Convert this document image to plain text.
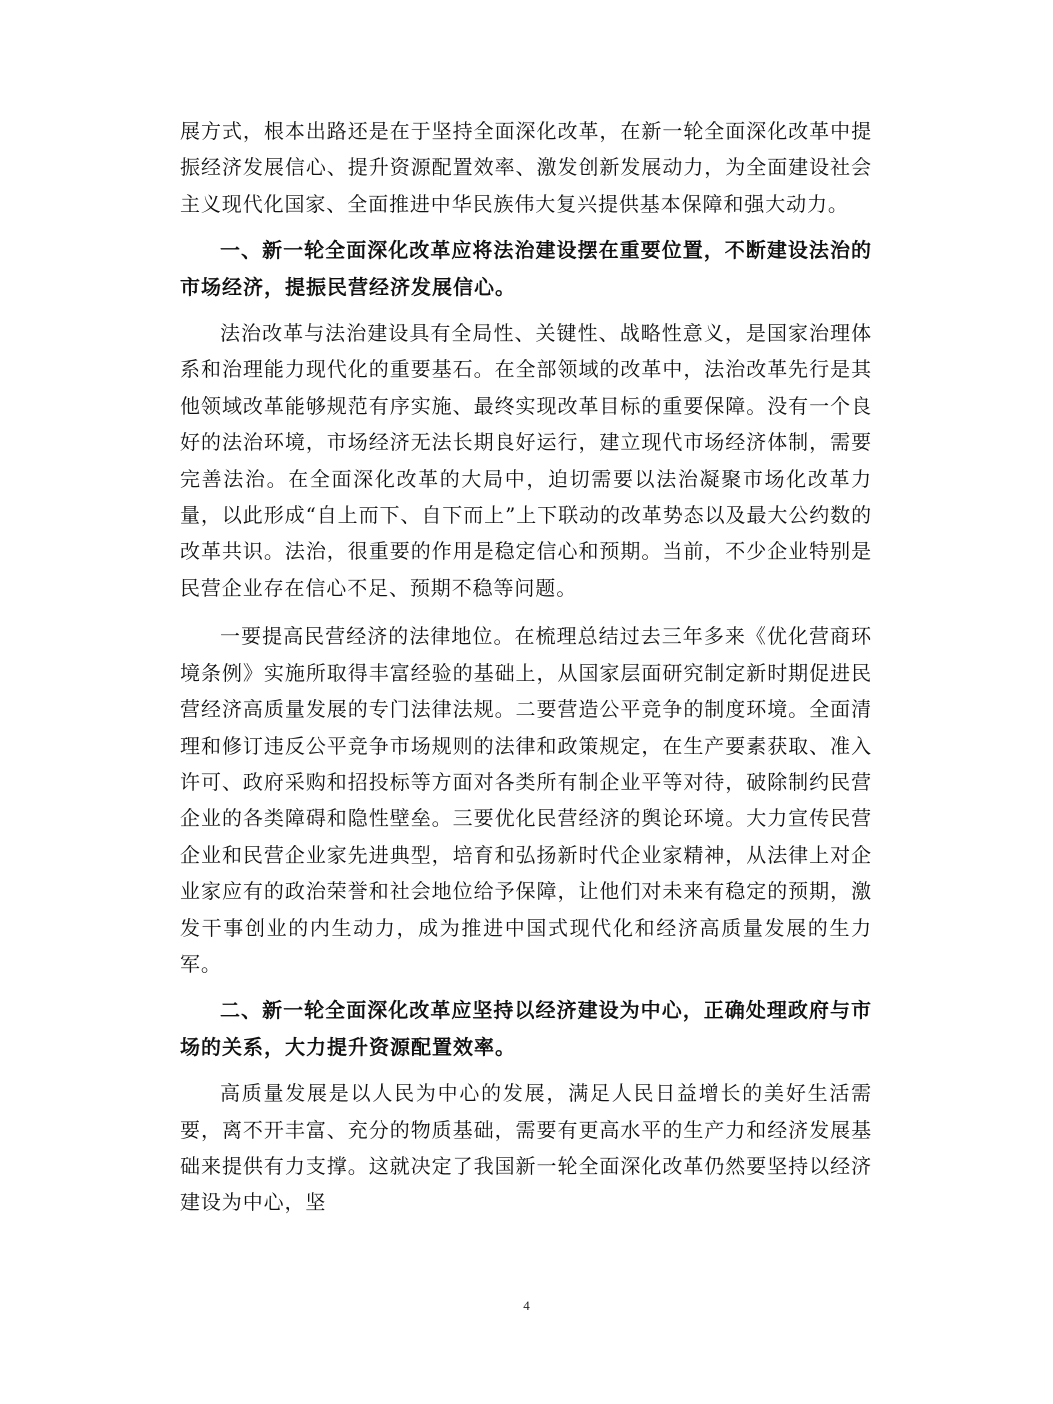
展方式，根本出路还是在于坚持全面深化改革，在新一轮全面深化改革中提振经济发展信心、提升资源配置效率、激发创新发展动力，为全面建设社会主义现代化国家、全面推进中华民族伟大复兴提供基本保障和强大动力。

一、新一轮全面深化改革应将法治建设摆在重要位置，不断建设法治的市场经济，提振民营经济发展信心。

法治改革与法治建设具有全局性、关键性、战略性意义，是国家治理体系和治理能力现代化的重要基石。在全部领域的改革中，法治改革先行是其他领域改革能够规范有序实施、最终实现改革目标的重要保障。没有一个良好的法治环境，市场经济无法长期良好运行，建立现代市场经济体制，需要完善法治。在全面深化改革的大局中，迫切需要以法治凝聚市场化改革力量，以此形成“自上而下、自下而上”上下联动的改革势态以及最大公约数的改革共识。法治，很重要的作用是稳定信心和预期。当前，不少企业特别是民营企业存在信心不足、预期不稳等问题。

一要提高民营经济的法律地位。在梳理总结过去三年多来《优化营商环境条例》实施所取得丰富经验的基础上，从国家层面研究制定新时期促进民营经济高质量发展的专门法律法规。二要营造公平竞争的制度环境。全面清理和修订违反公平竞争市场规则的法律和政策规定，在生产要素获取、准入许可、政府采购和招投标等方面对各类所有制企业平等对待，破除制约民营企业的各类障碍和隐性壁垒。三要优化民营经济的舆论环境。大力宣传民营企业和民营企业家先进典型，培育和弘扬新时代企业家精神，从法律上对企业家应有的政治荣誉和社会地位给予保障，让他们对未来有稳定的预期，激发干事创业的内生动力，成为推进中国式现代化和经济高质量发展的生力军。

二、新一轮全面深化改革应坚持以经济建设为中心，正确处理政府与市场的关系，大力提升资源配置效率。

高质量发展是以人民为中心的发展，满足人民日益增长的美好生活需要，离不开丰富、充分的物质基础，需要有更高水平的生产力和经济发展基础来提供有力支撑。这就决定了我国新一轮全面深化改革仍然要坚持以经济建设为中心，坚

4
